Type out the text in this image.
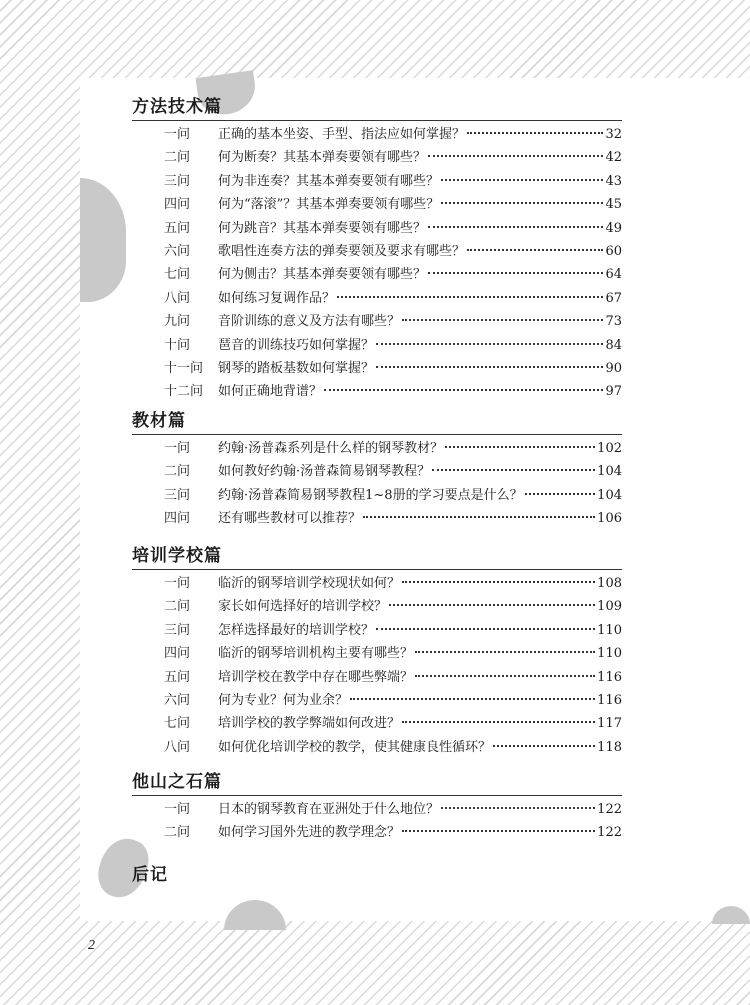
方法技术篇
一问	正确的基本坐姿、手型、指法应如何掌握？	32
二问	何为断奏？其基本弹奏要领有哪些？	42
三问	何为非连奏？其基本弹奏要领有哪些？	43
四问	何为“落滚”？其基本弹奏要领有哪些？	45
五问	何为跳音？其基本弹奏要领有哪些？	49
六问	歌唱性连奏方法的弹奏要领及要求有哪些？	60
七问	何为侧击？其基本弹奏要领有哪些？	64
八问	如何练习复调作品？	67
九问	音阶训练的意义及方法有哪些？	73
十问	琶音的训练技巧如何掌握？	84
十一问	钢琴的踏板基数如何掌握？	90
十二问	如何正确地背谱？	97
教材篇
一问	约翰·汤普森系列是什么样的钢琴教材？	102
二问	如何教好约翰·汤普森简易钢琴教程？	104
三问	约翰·汤普森简易钢琴教程1~8册的学习要点是什么？	104
四问	还有哪些教材可以推荐？	106
培训学校篇
一问	临沂的钢琴培训学校现状如何？	108
二问	家长如何选择好的培训学校？	109
三问	怎样选择最好的培训学校？	110
四问	临沂的钢琴培训机构主要有哪些？	110
五问	培训学校在教学中存在哪些弊端？	116
六问	何为专业？何为业余？	116
七问	培训学校的教学弊端如何改进？	117
八问	如何优化培训学校的教学，使其健康良性循环？	118
他山之石篇
一问	日本的钢琴教育在亚洲处于什么地位？	122
二问	如何学习国外先进的教学理念？	122
后记
2
